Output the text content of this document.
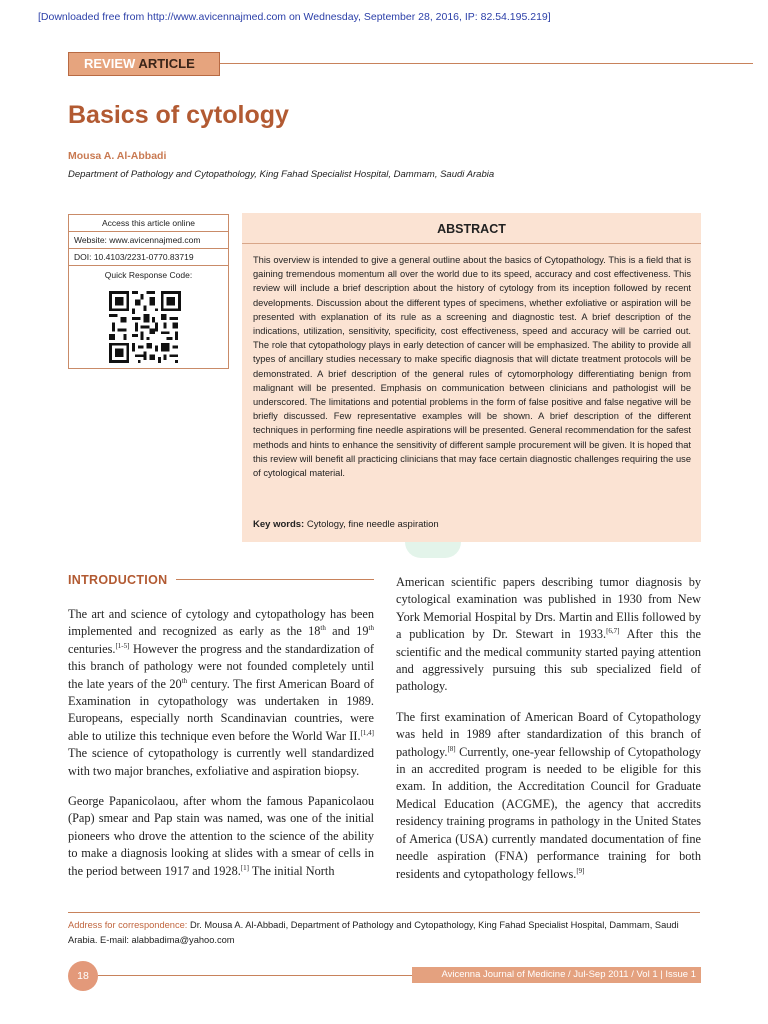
[Downloaded free from http://www.avicennajmed.com on Wednesday, September 28, 2016, IP: 82.54.195.219]
REVIEW ARTICLE
Basics of cytology
Mousa A. Al-Abbadi
Department of Pathology and Cytopathology, King Fahad Specialist Hospital, Dammam, Saudi Arabia
Access this article online
Website: www.avicennajmed.com
DOI: 10.4103/2231-0770.83719
Quick Response Code:
ABSTRACT
This overview is intended to give a general outline about the basics of Cytopathology. This is a field that is gaining tremendous momentum all over the world due to its speed, accuracy and cost effectiveness. This review will include a brief description about the history of cytology from its inception followed by recent developments. Discussion about the different types of specimens, whether exfoliative or aspiration will be presented with explanation of its rule as a screening and diagnostic test. A brief description of the indications, utilization, sensitivity, specificity, cost effectiveness, speed and accuracy will be carried out. The role that cytopathology plays in early detection of cancer will be emphasized. The ability to provide all types of ancillary studies necessary to make specific diagnosis that will dictate treatment protocols will be demonstrated. A brief description of the general rules of cytomorphology differentiating benign from malignant will be presented. Emphasis on communication between clinicians and pathologist will be underscored. The limitations and potential problems in the form of false positive and false negative will be briefly discussed. Few representative examples will be shown. A brief description of the different techniques in performing fine needle aspirations will be presented. General recommendation for the safest methods and hints to enhance the sensitivity of different sample procurement will be given. It is hoped that this review will benefit all practicing clinicians that may face certain diagnostic challenges requiring the use of cytological material.
Key words: Cytology, fine needle aspiration
INTRODUCTION

The art and science of cytology and cytopathology has been implemented and recognized as early as the 18th and 19th centuries.[1-5] However the progress and the standardization of this branch of pathology were not founded completely until the late years of the 20th century. The first American Board of Examination in cytopathology was undertaken in 1989. Europeans, especially north Scandinavian countries, were able to utilize this technique even before the World War II.[1,4] The science of cytopathology is currently well standardized with two major branches, exfoliative and aspiration biopsy.

George Papanicolaou, after whom the famous Papanicolaou (Pap) smear and Pap stain was named, was one of the initial pioneers who drove the attention to the science of the ability to make a diagnosis looking at slides with a smear of cells in the period between 1917 and 1928.[1] The initial North

American scientific papers describing tumor diagnosis by cytological examination was published in 1930 from New York Memorial Hospital by Drs. Martin and Ellis followed by a publication by Dr. Stewart in 1933.[6,7] After this the scientific and the medical community started paying attention and aggressively pursuing this sub specialized field of pathology.

The first examination of American Board of Cytopathology was held in 1989 after standardization of this branch of pathology.[8] Currently, one-year fellowship of Cytopathology in an accredited program is needed to be eligible for this exam. In addition, the Accreditation Council for Graduate Medical Education (ACGME), the agency that accredits residency training programs in pathology in the United States of America (USA) currently mandated documentation of fine needle aspiration (FNA) performance training for both residents and cytopathology fellows.[9]

Address for correspondence: Dr. Mousa A. Al-Abbadi, Department of Pathology and Cytopathology, King Fahad Specialist Hospital, Dammam, Saudi Arabia. E-mail: alabbadima@yahoo.com
18	Avicenna Journal of Medicine / Jul-Sep 2011 / Vol 1 | Issue 1
